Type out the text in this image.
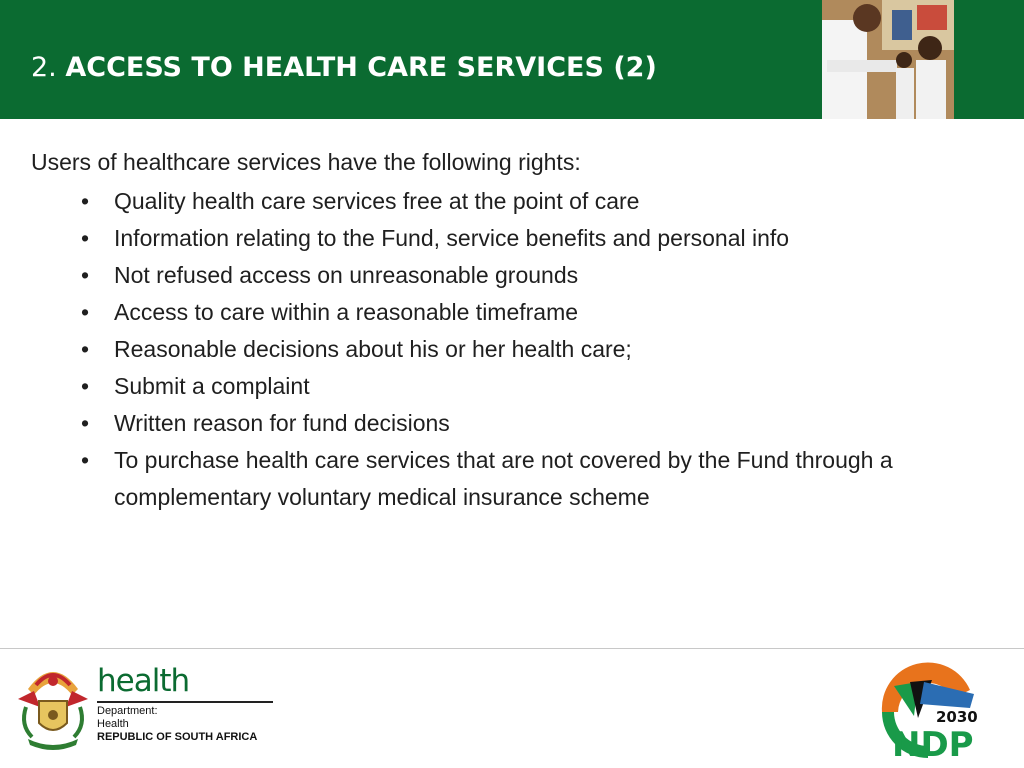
2. ACCESS TO HEALTH CARE SERVICES (2)

Users of healthcare services have the following rights:

• Quality health care services free at the point of care
• Information relating to the Fund, service benefits and personal info
• Not refused access on unreasonable grounds
• Access to care within a reasonable timeframe
• Reasonable decisions about his or her health care;
• Submit a complaint
• Written reason for fund decisions
• To purchase health care services that are not covered by the Fund through a complementary voluntary medical insurance scheme
health
Department:
Health
REPUBLIC OF SOUTH AFRICA
2030
NDP
